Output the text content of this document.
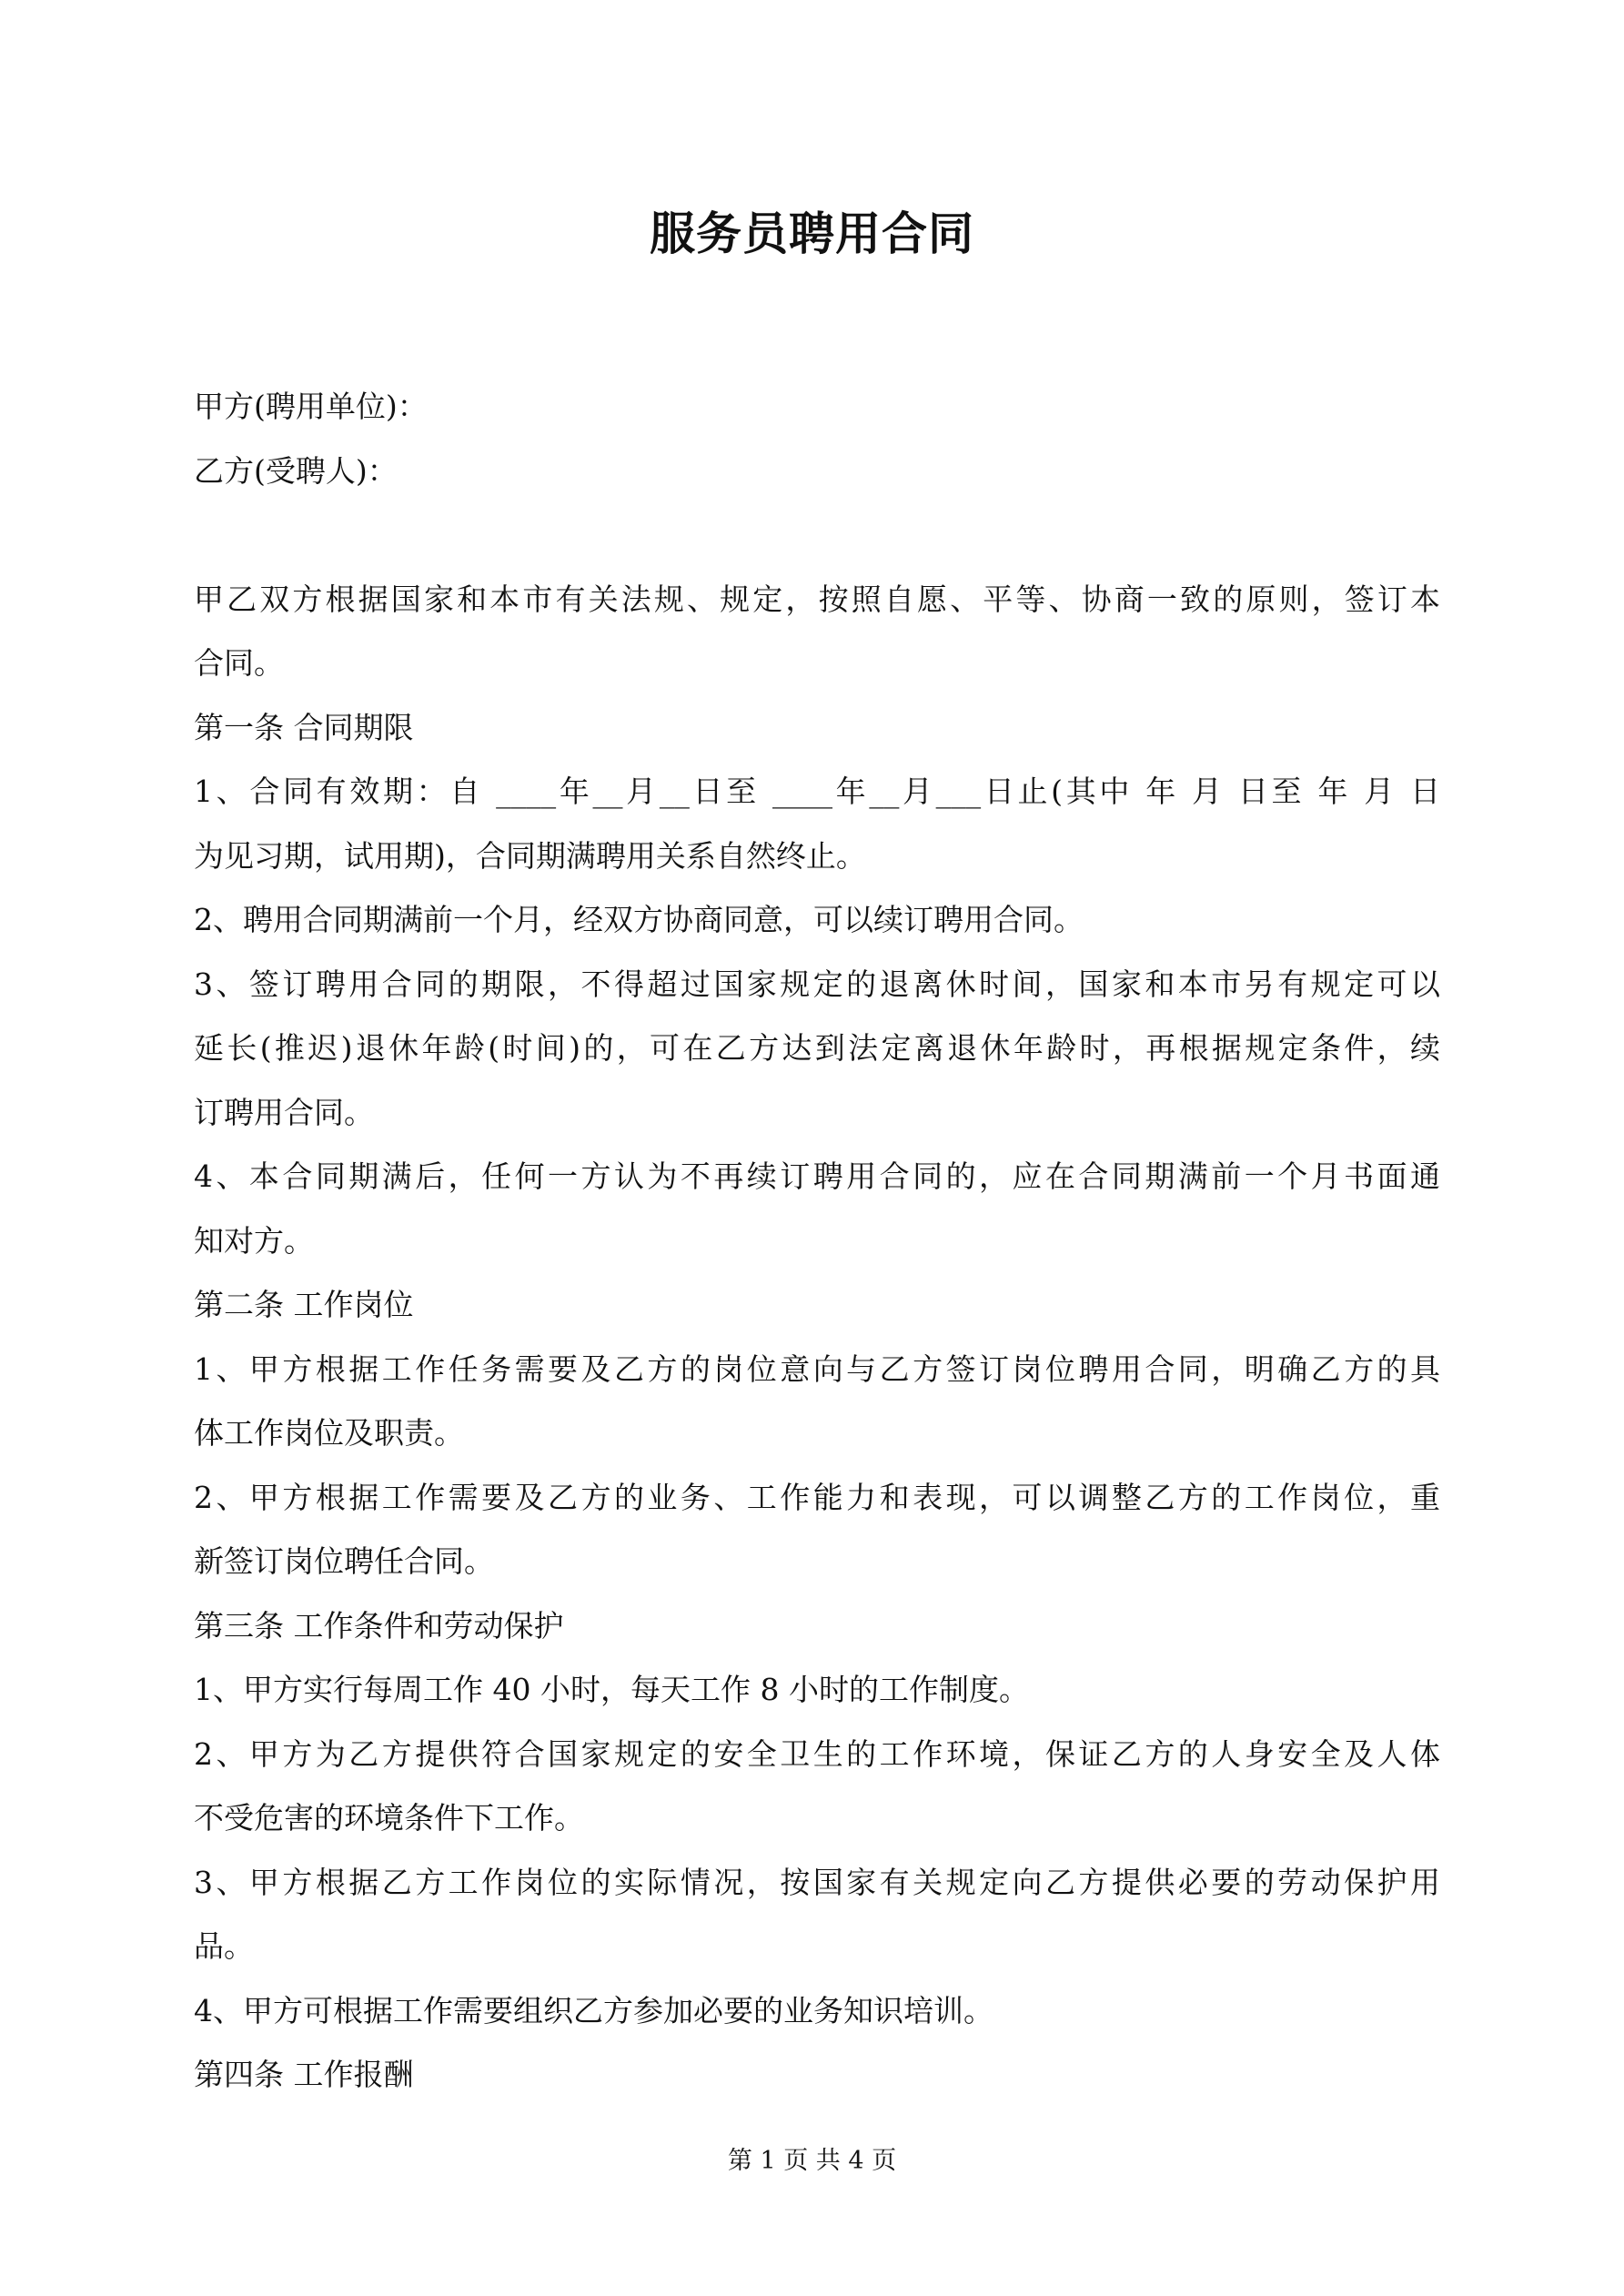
服务员聘用合同
甲方(聘用单位)：
乙方(受聘人)：
甲乙双方根据国家和本市有关法规、规定，按照自愿、平等、协商一致的原则，签订本
合同。
第一条 合同期限
1、合同有效期：自 ____年__月__日至 ____年__月___日止(其中 年 月 日至 年 月 日
为见习期，试用期)，合同期满聘用关系自然终止。
2、聘用合同期满前一个月，经双方协商同意，可以续订聘用合同。
3、签订聘用合同的期限，不得超过国家规定的退离休时间，国家和本市另有规定可以
延长(推迟)退休年龄(时间)的，可在乙方达到法定离退休年龄时，再根据规定条件，续
订聘用合同。
4、本合同期满后，任何一方认为不再续订聘用合同的，应在合同期满前一个月书面通
知对方。
第二条 工作岗位
1、甲方根据工作任务需要及乙方的岗位意向与乙方签订岗位聘用合同，明确乙方的具
体工作岗位及职责。
2、甲方根据工作需要及乙方的业务、工作能力和表现，可以调整乙方的工作岗位，重
新签订岗位聘任合同。
第三条 工作条件和劳动保护
1、甲方实行每周工作 40 小时，每天工作 8 小时的工作制度。
2、甲方为乙方提供符合国家规定的安全卫生的工作环境，保证乙方的人身安全及人体
不受危害的环境条件下工作。
3、甲方根据乙方工作岗位的实际情况，按国家有关规定向乙方提供必要的劳动保护用
品。
4、甲方可根据工作需要组织乙方参加必要的业务知识培训。
第四条 工作报酬
第 1 页 共 4 页
